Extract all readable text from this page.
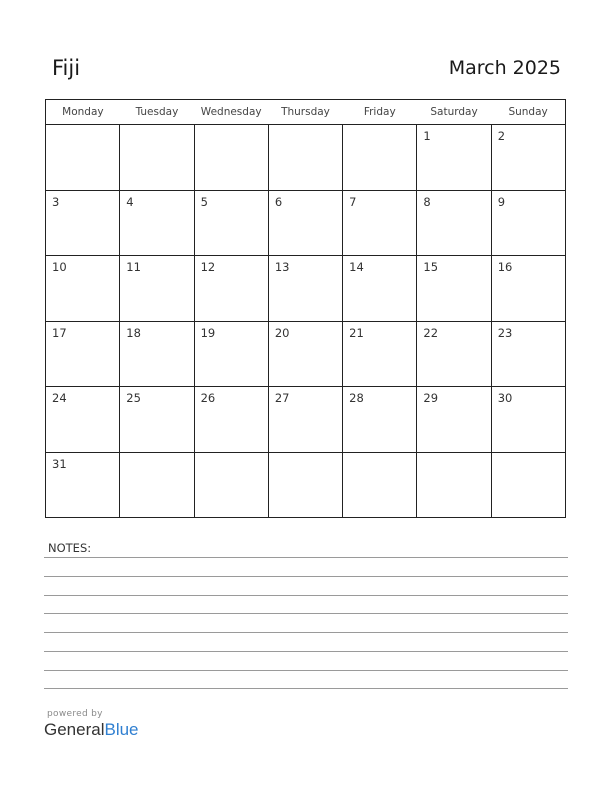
Fiji	March 2025
Monday	Tuesday	Wednesday	Thursday	Friday	Saturday	Sunday
					1	2
3	4	5	6	7	8	9
10	11	12	13	14	15	16
17	18	19	20	21	22	23
24	25	26	27	28	29	30
31						
NOTES:
powered by
GeneralBlue
